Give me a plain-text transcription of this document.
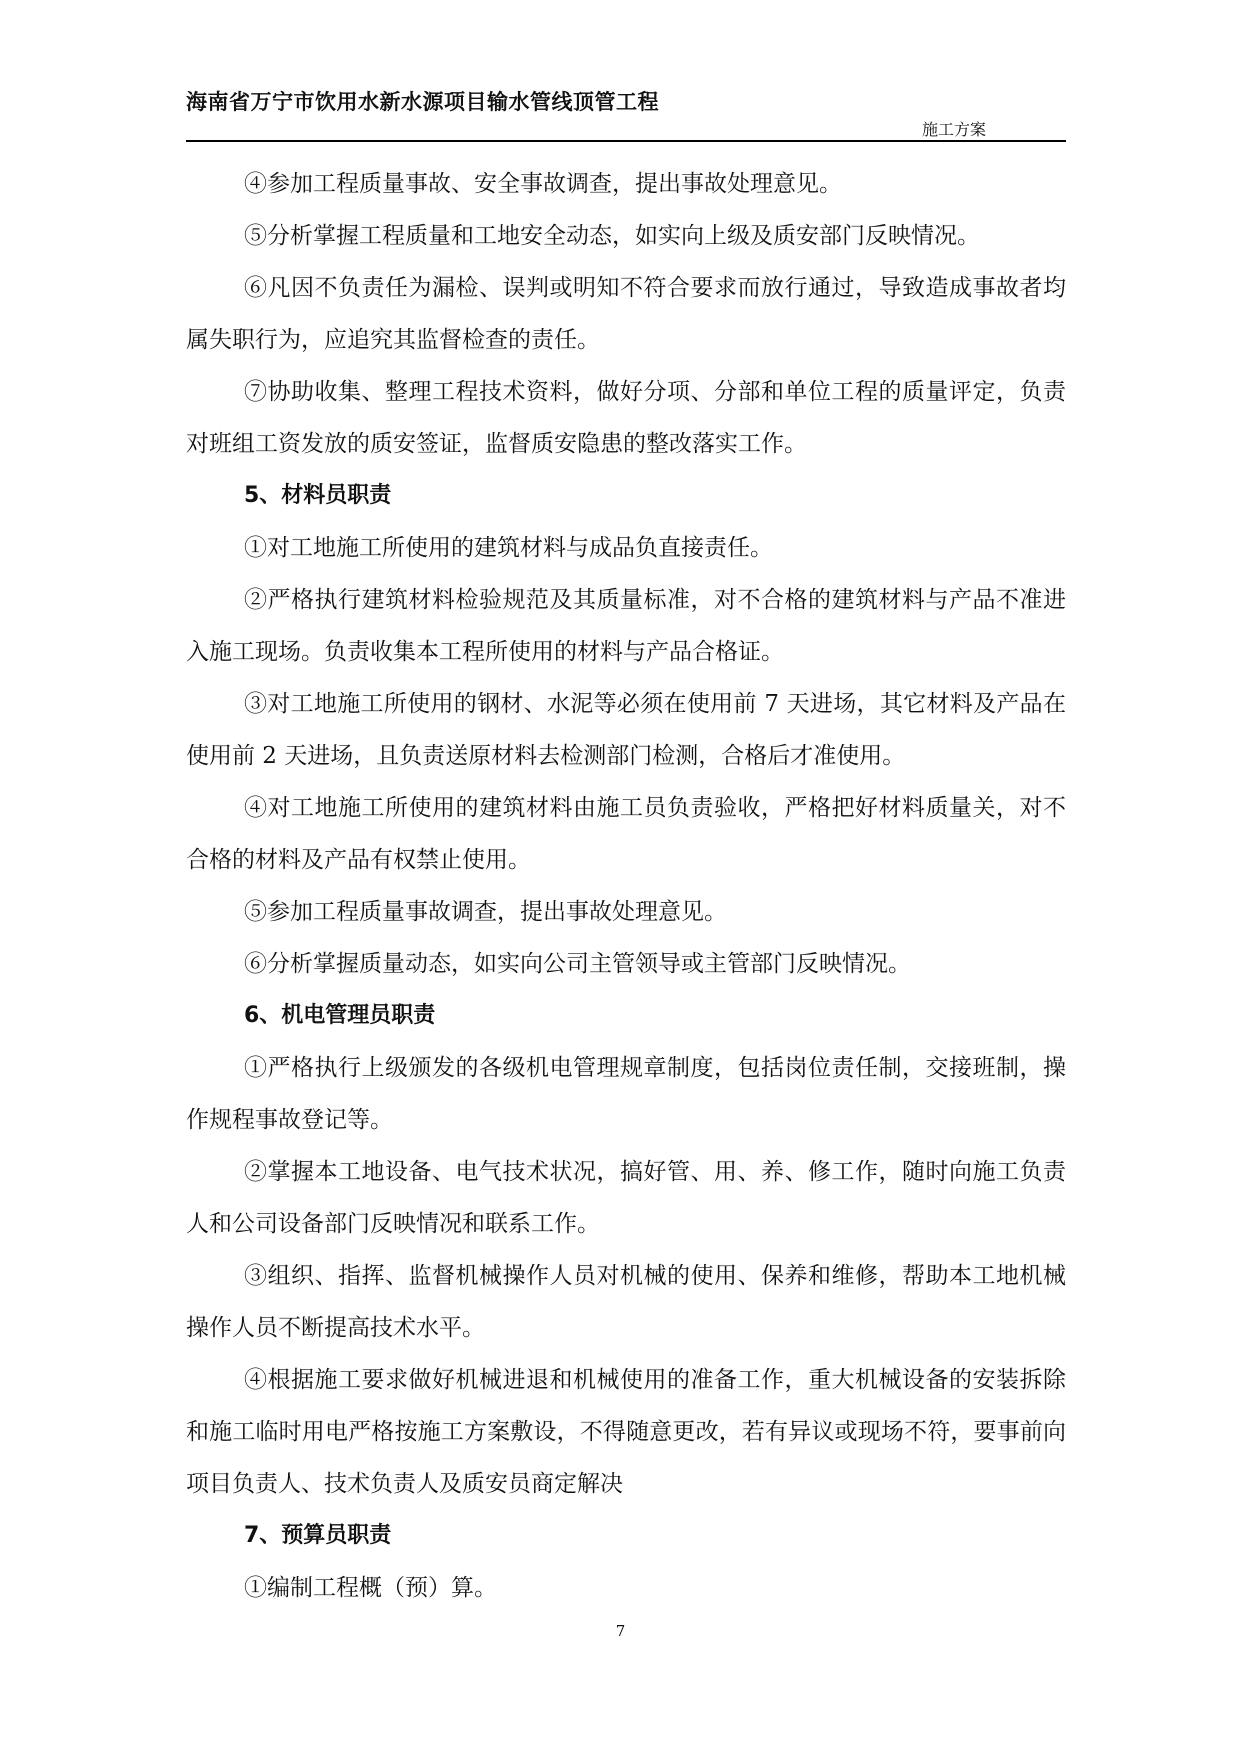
海南省万宁市饮用水新水源项目输水管线顶管工程
施工方案

④参加工程质量事故、安全事故调查，提出事故处理意见。

⑤分析掌握工程质量和工地安全动态，如实向上级及质安部门反映情况。

⑥凡因不负责任为漏检、误判或明知不符合要求而放行通过，导致造成事故者均属失职行为，应追究其监督检查的责任。

⑦协助收集、整理工程技术资料，做好分项、分部和单位工程的质量评定，负责对班组工资发放的质安签证，监督质安隐患的整改落实工作。

5、材料员职责

①对工地施工所使用的建筑材料与成品负直接责任。

②严格执行建筑材料检验规范及其质量标准，对不合格的建筑材料与产品不准进入施工现场。负责收集本工程所使用的材料与产品合格证。

③对工地施工所使用的钢材、水泥等必须在使用前 7 天进场，其它材料及产品在使用前 2 天进场，且负责送原材料去检测部门检测，合格后才准使用。

④对工地施工所使用的建筑材料由施工员负责验收，严格把好材料质量关，对不合格的材料及产品有权禁止使用。

⑤参加工程质量事故调查，提出事故处理意见。

⑥分析掌握质量动态，如实向公司主管领导或主管部门反映情况。

6、机电管理员职责

①严格执行上级颁发的各级机电管理规章制度，包括岗位责任制，交接班制，操作规程事故登记等。

②掌握本工地设备、电气技术状况，搞好管、用、养、修工作，随时向施工负责人和公司设备部门反映情况和联系工作。

③组织、指挥、监督机械操作人员对机械的使用、保养和维修，帮助本工地机械操作人员不断提高技术水平。

④根据施工要求做好机械进退和机械使用的准备工作，重大机械设备的安装拆除和施工临时用电严格按施工方案敷设，不得随意更改，若有异议或现场不符，要事前向项目负责人、技术负责人及质安员商定解决

7、预算员职责

①编制工程概（预）算。

7
